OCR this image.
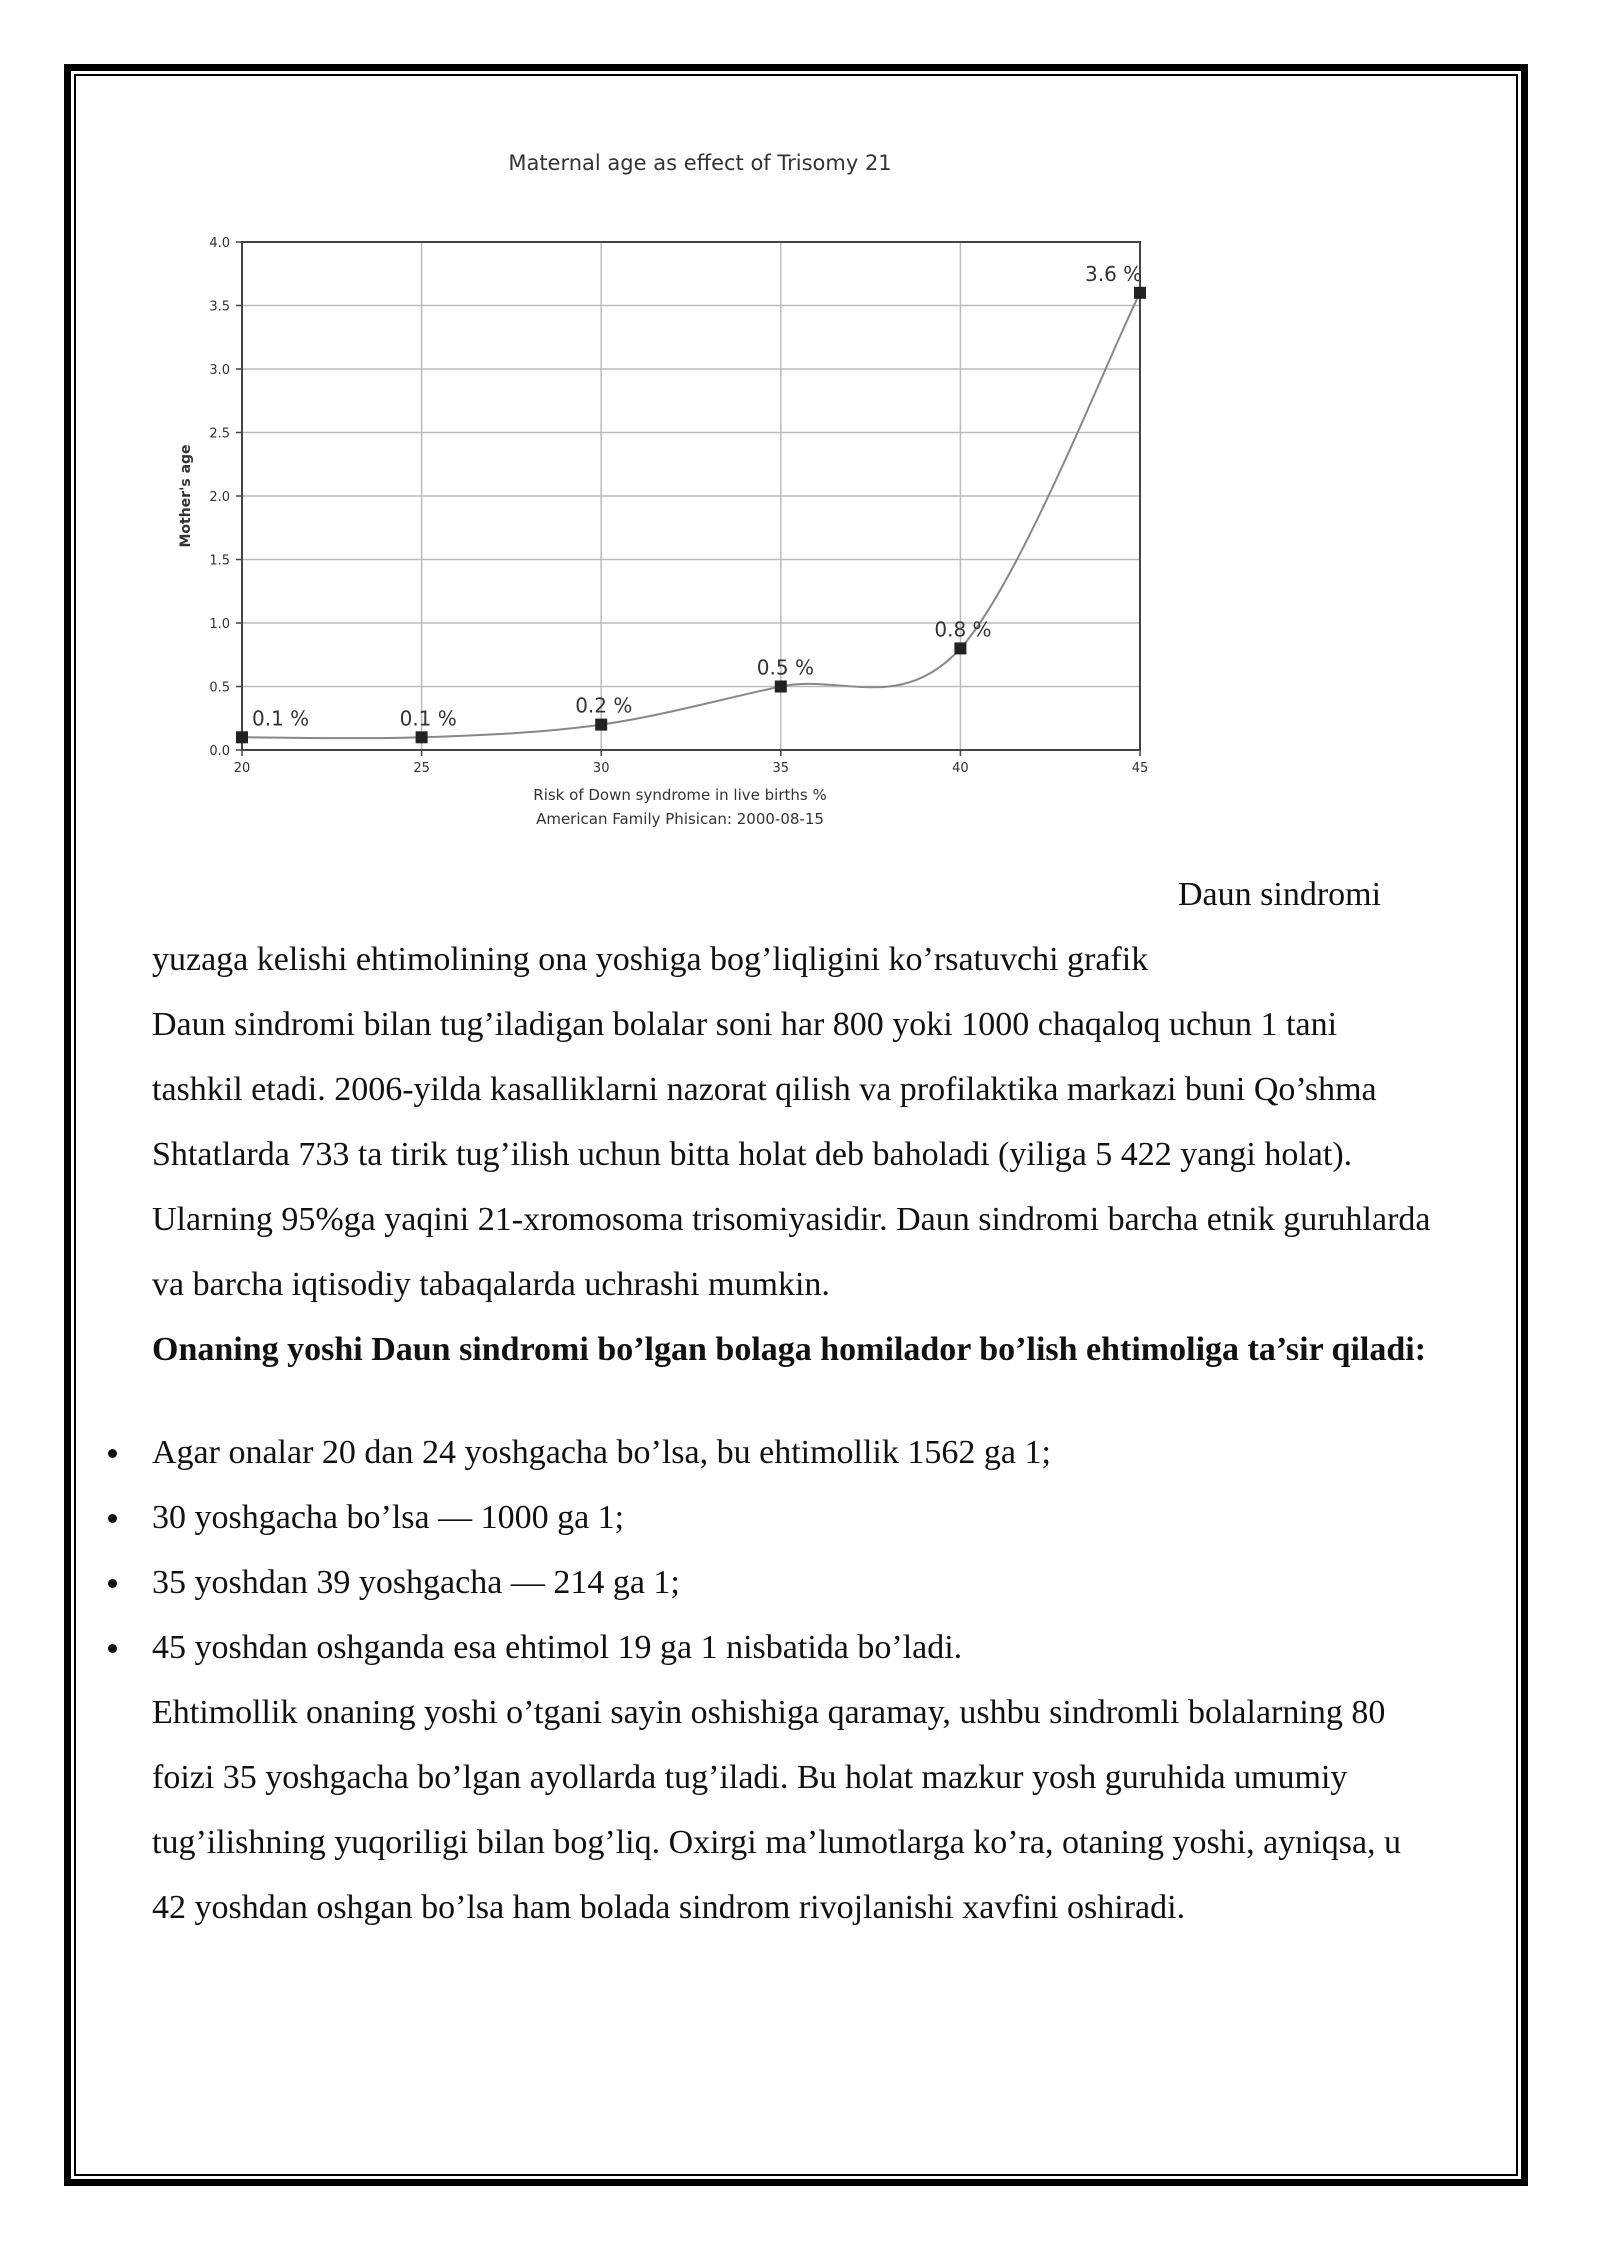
0.0
0.5
1.0
1.5
2.0
2.5
3.0
3.5
4.0
20	25	30	35	40	45
0.1 %	0.1 %
0.2 %
0.5 %
0.8 %
3.6 %
Maternal age as effect of Trisomy 21
Mother's age
Risk of Down syndrome in live births %
American Family Phisican: 2000-08-15

Daun sindromi

yuzaga kelishi ehtimolining ona yoshiga bog’liqligini ko’rsatuvchi grafik

Daun sindromi bilan tug’iladigan bolalar soni har 800 yoki 1000 chaqaloq uchun 1 tani tashkil etadi. 2006-yilda kasalliklarni nazorat qilish va profilaktika markazi buni Qo’shma Shtatlarda 733 ta tirik tug’ilish uchun bitta holat deb baholadi (yiliga 5 422 yangi holat). Ularning 95%ga yaqini 21-xromosoma trisomiyasidir. Daun sindromi barcha etnik guruhlarda va barcha iqtisodiy tabaqalarda uchrashi mumkin.

Onaning yoshi Daun sindromi bo’lgan bolaga homilador bo’lish ehtimoliga ta’sir qiladi:

Agar onalar 20 dan 24 yoshgacha bo’lsa, bu ehtimollik 1562 ga 1;
30 yoshgacha bo’lsa — 1000 ga 1;
35 yoshdan 39 yoshgacha — 214 ga 1;
45 yoshdan oshganda esa ehtimol 19 ga 1 nisbatida bo’ladi.

Ehtimollik onaning yoshi o’tgani sayin oshishiga qaramay, ushbu sindromli bolalarning 80 foizi 35 yoshgacha bo’lgan ayollarda tug’iladi. Bu holat mazkur yosh guruhida umumiy tug’ilishning yuqoriligi bilan bog’liq. Oxirgi ma’lumotlarga ko’ra, otaning yoshi, ayniqsa, u 42 yoshdan oshgan bo’lsa ham bolada sindrom rivojlanishi xavfini oshiradi.
